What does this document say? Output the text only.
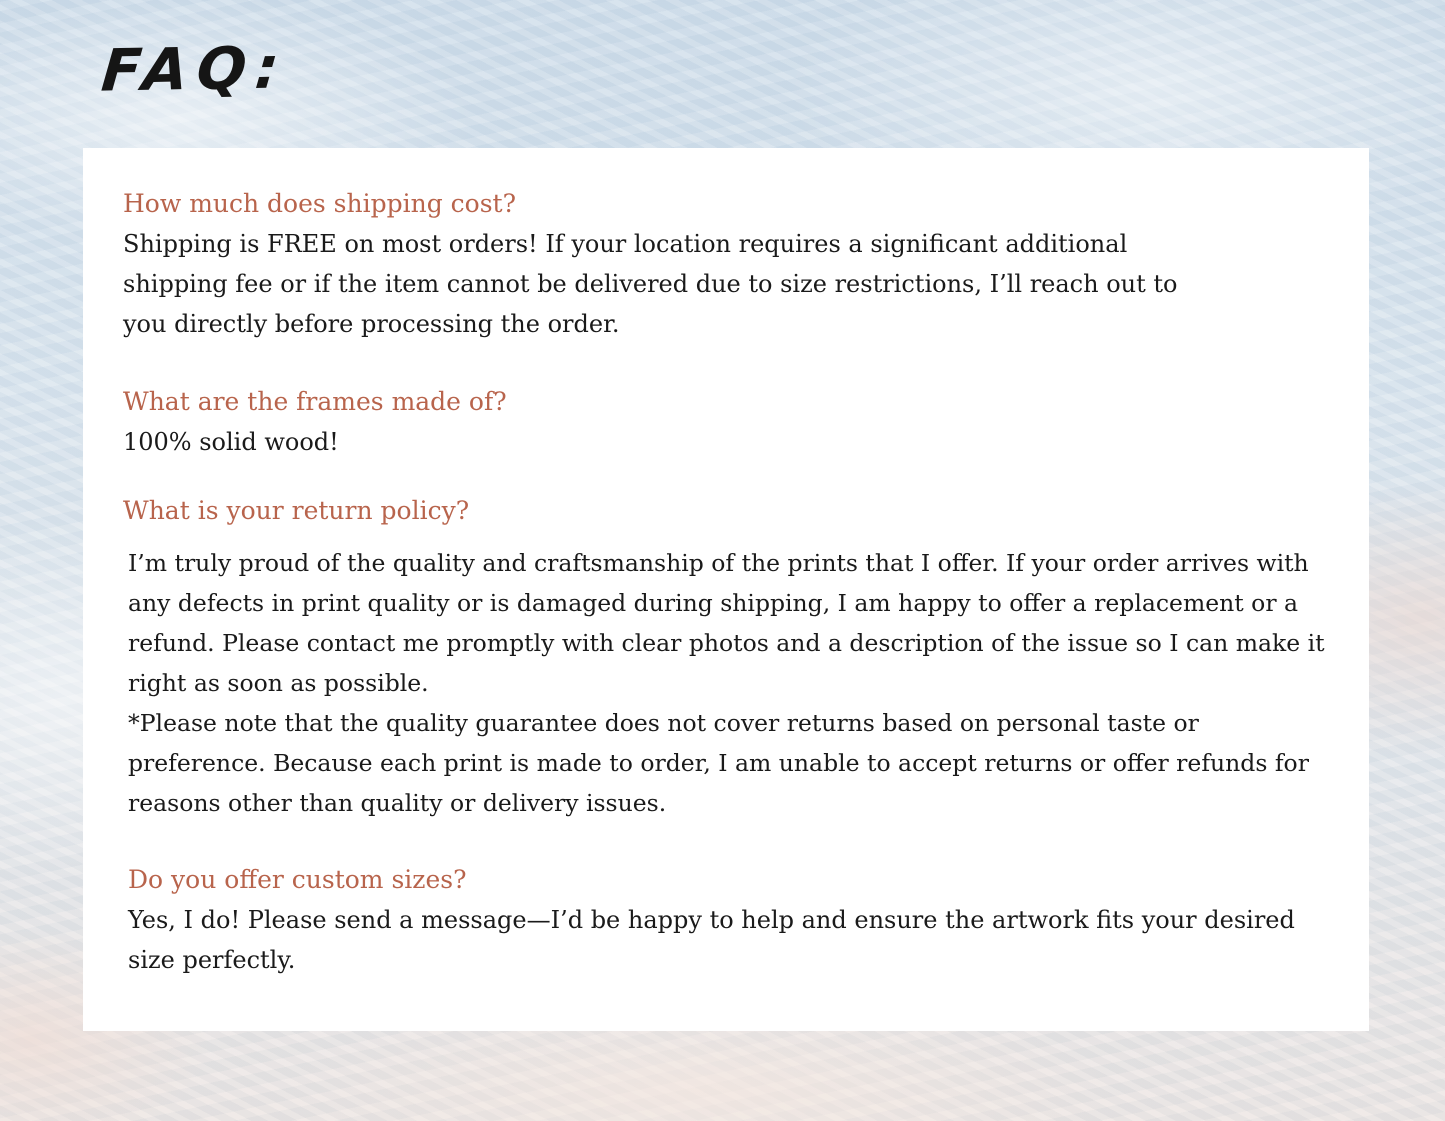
FAQ:
How much does shipping cost?

Shipping is FREE on most orders! If your location requires a significant additional shipping fee or if the item cannot be delivered due to size restrictions, I’ll reach out to you directly before processing the order.

What are the frames made of?

100% solid wood!

What is your return policy?

I’m truly proud of the quality and craftsmanship of the prints that I offer. If your order arrives with any defects in print quality or is damaged during shipping, I am happy to offer a replacement or a refund. Please contact me promptly with clear photos and a description of the issue so I can make it right as soon as possible.

*Please note that the quality guarantee does not cover returns based on personal taste or preference. Because each print is made to order, I am unable to accept returns or offer refunds for reasons other than quality or delivery issues.

Do you offer custom sizes?

Yes, I do! Please send a message—I’d be happy to help and ensure the artwork fits your desired size perfectly.
